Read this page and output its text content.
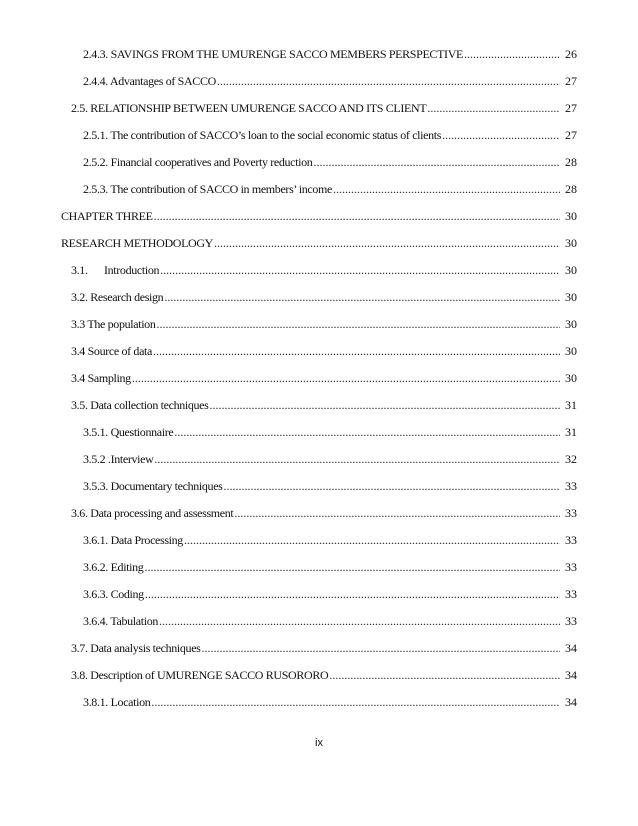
2.4.3. SAVINGS FROM THE UMURENGE SACCO MEMBERS PERSPECTIVE .....	26
2.4.4. Advantages of SACCO .....	27
2.5. RELATIONSHIP BETWEEN UMURENGE SACCO AND ITS CLIENT .....	27
2.5.1. The contribution of SACCO’s loan to the social economic status of clients .....	27
2.5.2. Financial cooperatives and Poverty reduction .....	28
2.5.3. The contribution of SACCO in members’ income .....	28
CHAPTER THREE .....	30
RESEARCH METHODOLOGY .....	30
3.1. Introduction .....	30
3.2. Research design .....	30
3.3 The population .....	30
3.4 Source of data .....	30
3.4 Sampling .....	30
3.5. Data collection techniques .....	31
3.5.1. Questionnaire .....	31
3.5.2 .Interview .....	32
3.5.3. Documentary techniques .....	33
3.6. Data processing and assessment .....	33
3.6.1. Data Processing .....	33
3.6.2. Editing .....	33
3.6.3. Coding .....	33
3.6.4. Tabulation .....	33
3.7. Data analysis techniques .....	34
3.8. Description of UMURENGE SACCO RUSORORO .....	34
3.8.1. Location .....	34
ix
